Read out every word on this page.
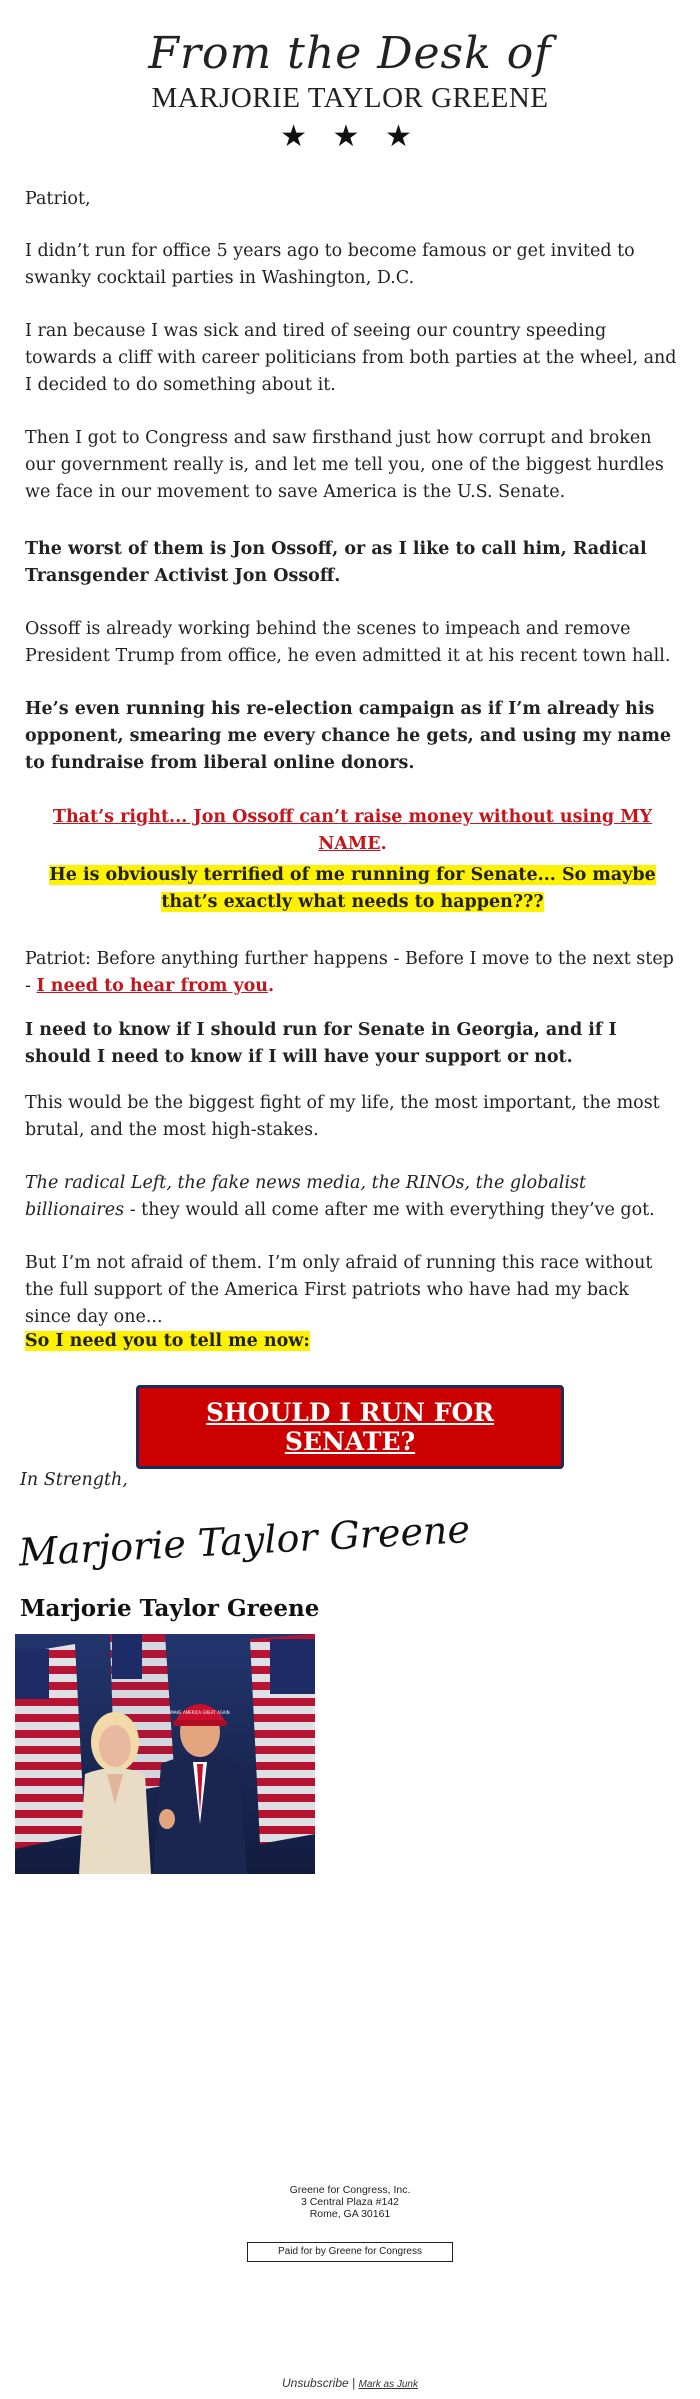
From the Desk of
MARJORIE TAYLOR GREENE
★ ★ ★
Patriot,
I didn’t run for office 5 years ago to become famous or get invited to swanky cocktail parties in Washington, D.C.
I ran because I was sick and tired of seeing our country speeding towards a cliff with career politicians from both parties at the wheel, and I decided to do something about it.
Then I got to Congress and saw firsthand just how corrupt and broken our government really is, and let me tell you, one of the biggest hurdles we face in our movement to save America is the U.S. Senate.
The worst of them is Jon Ossoff, or as I like to call him, Radical Transgender Activist Jon Ossoff.
Ossoff is already working behind the scenes to impeach and remove President Trump from office, he even admitted it at his recent town hall.
He’s even running his re-election campaign as if I’m already his opponent, smearing me every chance he gets, and using my name to fundraise from liberal online donors.
That’s right... Jon Ossoff can’t raise money without using MY NAME.
He is obviously terrified of me running for Senate... So maybe that’s exactly what needs to happen???
Patriot: Before anything further happens - Before I move to the next step - I need to hear from you.
I need to know if I should run for Senate in Georgia, and if I should I need to know if I will have your support or not.
This would be the biggest fight of my life, the most important, the most brutal, and the most high-stakes.
The radical Left, the fake news media, the RINOs, the globalist billionaires - they would all come after me with everything they’ve got.
But I’m not afraid of them. I’m only afraid of running this race without the full support of the America First patriots who have had my back since day one...
So I need you to tell me now:
SHOULD I RUN FOR SENATE?
In Strength,
Marjorie Taylor Greene
Marjorie Taylor Greene
MAKE AMERICA GREAT AGAIN
Greene for Congress, Inc.
3 Central Plaza #142
Rome, GA 30161
Paid for by Greene for Congress
Unsubscribe | Mark as Junk
